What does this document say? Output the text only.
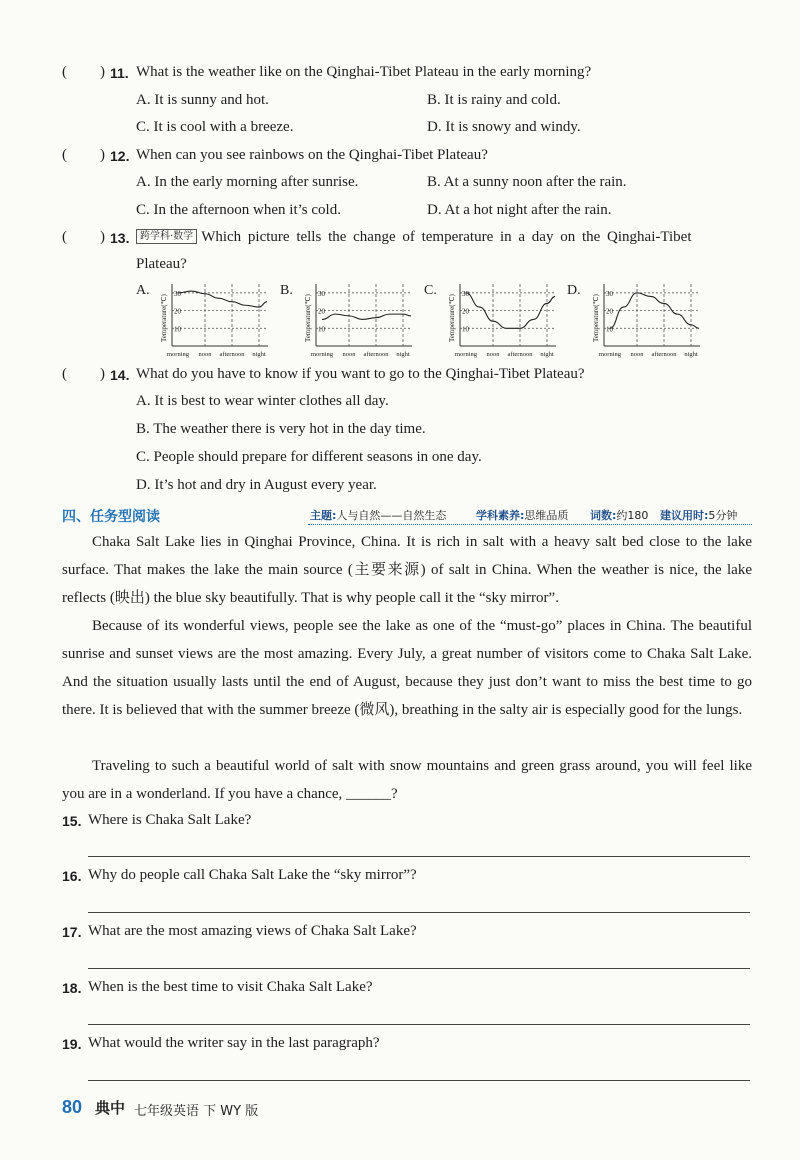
( ) 11. What is the weather like on the Qinghai-Tibet Plateau in the early morning?
A. It is sunny and hot.	B. It is rainy and cold.
C. It is cool with a breeze.	D. It is snowy and windy.
( ) 12. When can you see rainbows on the Qinghai-Tibet Plateau?
A. In the early morning after sunrise.	B. At a sunny noon after the rain.
C. In the afternoon when it’s cold.	D. At a hot night after the rain.
( ) 13.	跨学科·数学 Which picture tells the change of temperature in a day on the Qinghai-Tibet
Plateau?
A.
10
20
30
morning noon afternoon night
Temperature(℃)
B.
10
20
30
morning noon afternoon night
Temperature(℃)
C.
10
20
30
morning noon afternoon night
Temperature(℃)
D.
10
20
30
morning noon afternoon night
Temperature(℃)
( ) 14. What do you have to know if you want to go to the Qinghai-Tibet Plateau?
A. It is best to wear winter clothes all day.
B. The weather there is very hot in the day time.
C. People should prepare for different seasons in one day.
D. It’s hot and dry in August every year.
四、任务型阅读	主题:人与自然——自然生态	学科素养:思维品质 词数:约180 建议用时:5分钟

Chaka Salt Lake lies in Qinghai Province, China. It is rich in salt with a heavy salt bed close to the lake surface. That makes the lake the main source (主要来源) of salt in China. When the weather is nice, the lake reflects (映出) the blue sky beautifully. That is why people call it the “sky mirror”.

Because of its wonderful views, people see the lake as one of the “must-go” places in China. The beautiful sunrise and sunset views are the most amazing. Every July, a great number of visitors come to Chaka Salt Lake. And the situation usually lasts until the end of August, because they just don’t want to miss the best time to go there. It is believed that with the summer breeze (微风), breathing in the salty air is especially good for the lungs.

Traveling to such a beautiful world of salt with snow mountains and green grass around, you will feel like you are in a wonderland. If you have a chance, ______?

15. Where is Chaka Salt Lake?
16. Why do people call Chaka Salt Lake the “sky mirror”?
17. What are the most amazing views of Chaka Salt Lake?
18. When is the best time to visit Chaka Salt Lake?
19. What would the writer say in the last paragraph?
80 典中 七年级英语 下 WY 版
